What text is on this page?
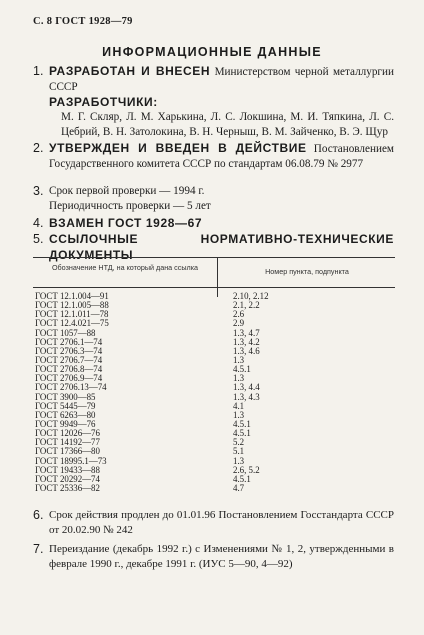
С. 8 ГОСТ 1928—79
ИНФОРМАЦИОННЫЕ ДАННЫЕ
1. РАЗРАБОТАН И ВНЕСЕН Министерством черной металлургии СССР
РАЗРАБОТЧИКИ:
М. Г. Скляр, Л. М. Харькина, Л. С. Локшина, М. И. Тяпкина, Л. С. Цебрий, В. Н. Затолокина, В. Н. Черныш, В. М. Зайченко, В. Э. Щур
2. УТВЕРЖДЕН И ВВЕДЕН В ДЕЙСТВИЕ Постановлением Государственного комитета СССР по стандартам 06.08.79 № 2977
3. Срок первой проверки — 1994 г.
Периодичность проверки — 5 лет
4. ВЗАМЕН ГОСТ 1928—67
5. ССЫЛОЧНЫЕ НОРМАТИВНО-ТЕХНИЧЕСКИЕ ДОКУМЕНТЫ
Обозначение НТД, на который дана ссылка	Номер пункта, подпункта
ГОСТ 12.1.004—91	2.10, 2.12
ГОСТ 12.1.005—88	2.1, 2.2
ГОСТ 12.1.011—78	2.6
ГОСТ 12.4.021—75	2.9
ГОСТ 1057—88	1.3, 4.7
ГОСТ 2706.1—74	1.3, 4.2
ГОСТ 2706.3—74	1.3, 4.6
ГОСТ 2706.7—74	1.3
ГОСТ 2706.8—74	4.5.1
ГОСТ 2706.9—74	1.3
ГОСТ 2706.13—74	1.3, 4.4
ГОСТ 3900—85	1.3, 4.3
ГОСТ 5445—79	4.1
ГОСТ 6263—80	1.3
ГОСТ 9949—76	4.5.1
ГОСТ 12026—76	4.5.1
ГОСТ 14192—77	5.2
ГОСТ 17366—80	5.1
ГОСТ 18995.1—73	1.3
ГОСТ 19433—88	2.6, 5.2
ГОСТ 20292—74	4.5.1
ГОСТ 25336—82	4.7
6. Срок действия продлен до 01.01.96 Постановлением Госстандарта СССР от 20.02.90 № 242
7. Переиздание (декабрь 1992 г.) с Изменениями № 1, 2, утвержденными в феврале 1990 г., декабре 1991 г. (ИУС 5—90, 4—92)
